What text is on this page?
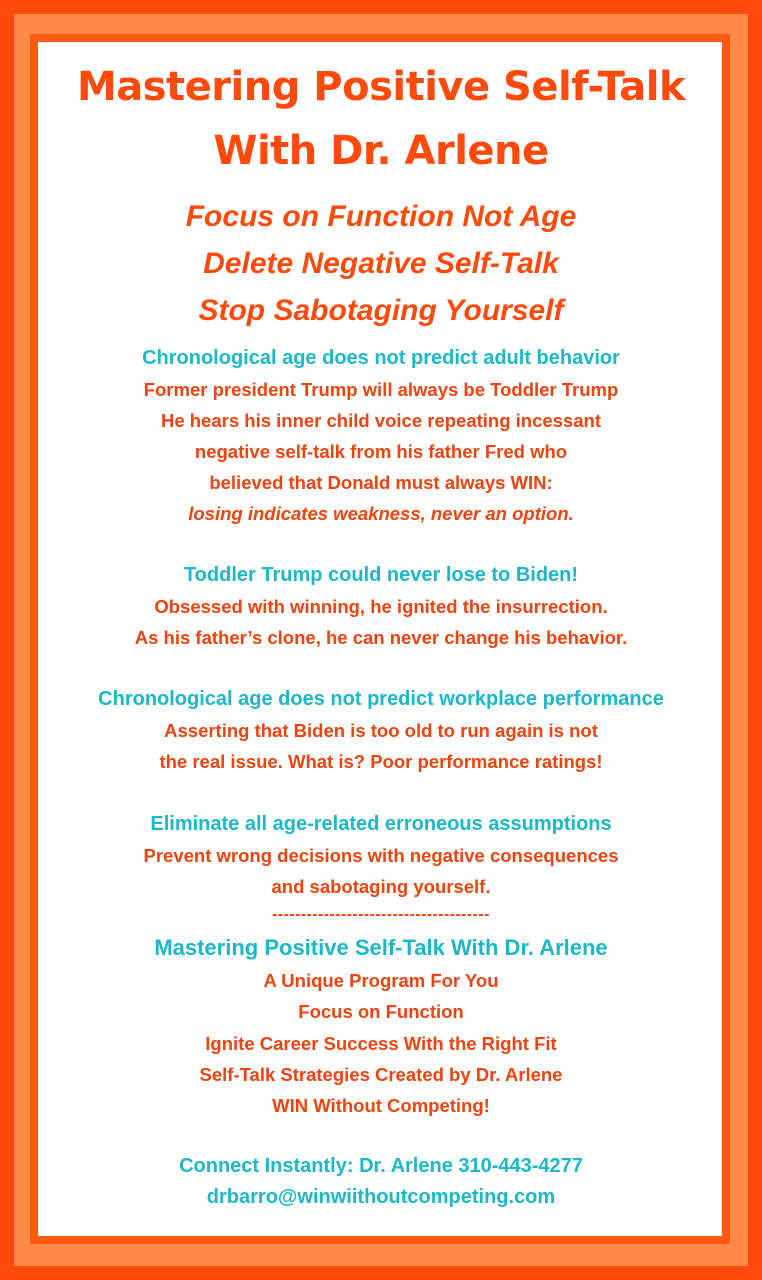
Mastering Positive Self-Talk
With Dr. Arlene
Focus on Function Not Age
Delete Negative Self-Talk
Stop Sabotaging Yourself
Chronological age does not predict adult behavior
Former president Trump will always be Toddler Trump
He hears his inner child voice repeating incessant
negative self-talk from his father Fred who
believed that Donald must always WIN:
losing indicates weakness, never an option.
Toddler Trump could never lose to Biden!
Obsessed with winning, he ignited the insurrection.
As his father’s clone, he can never change his behavior.
Chronological age does not predict workplace performance
Asserting that Biden is too old to run again is not
the real issue. What is? Poor performance ratings!
Eliminate all age-related erroneous assumptions
Prevent wrong decisions with negative consequences
and sabotaging yourself.
--------------------------------------
Mastering Positive Self-Talk With Dr. Arlene
A Unique Program For You
Focus on Function
Ignite Career Success With the Right Fit
Self-Talk Strategies Created by Dr. Arlene
WIN Without Competing!
Connect Instantly: Dr. Arlene 310-443-4277
drbarro@winwiithoutcompeting.com
